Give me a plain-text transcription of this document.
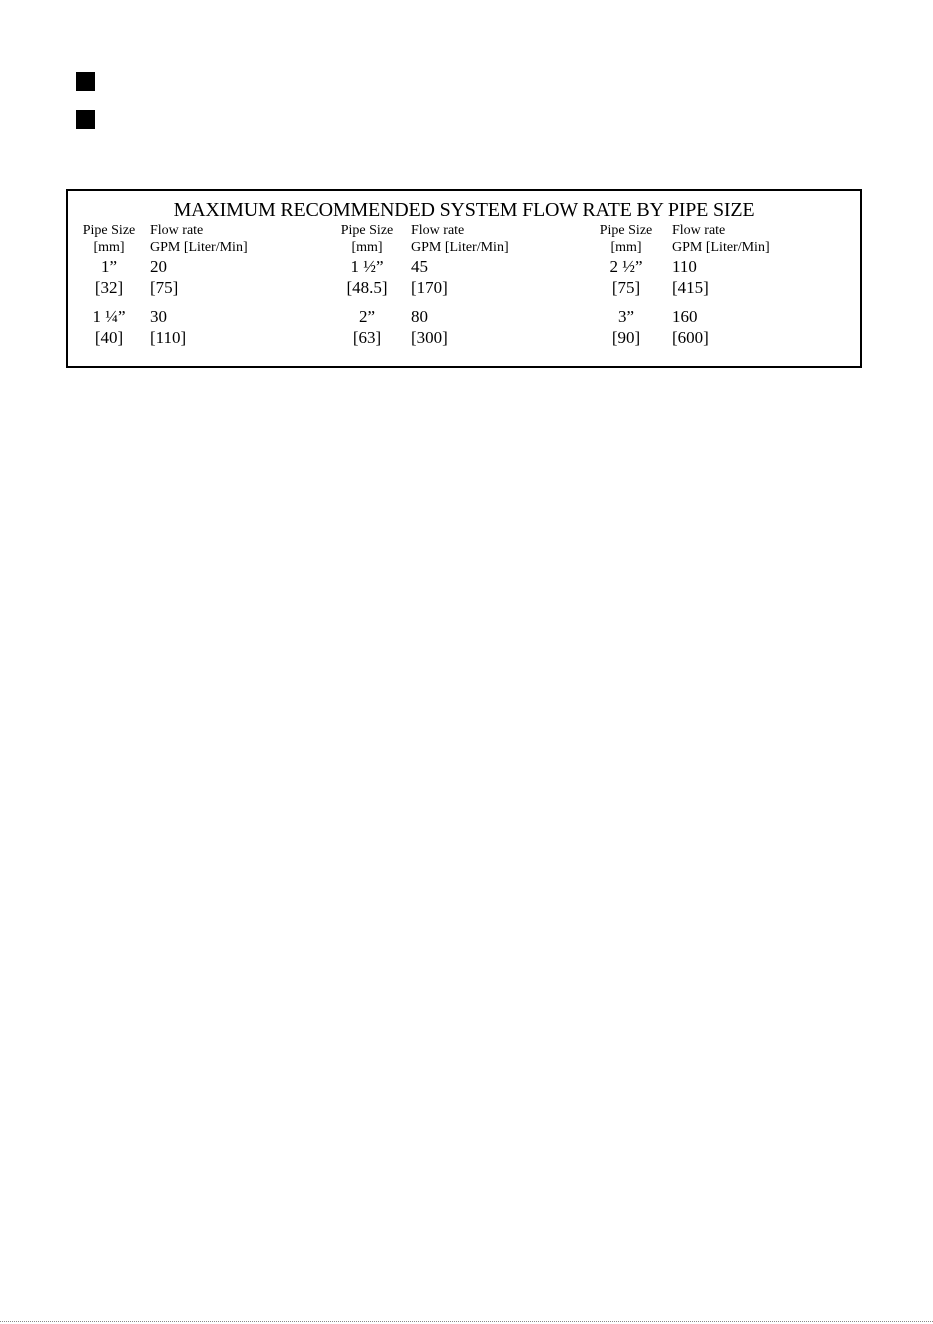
MAXIMUM RECOMMENDED SYSTEM FLOW RATE BY PIPE SIZE
Pipe Size
[mm]
Flow rate
GPM [Liter/Min]
1”
[32]
20
[75]
1 ¼”
[40]
30
[110]
Pipe Size
[mm]
Flow rate
GPM [Liter/Min]
1 ½”
[48.5]
45
[170]
2”
[63]
80
[300]
Pipe Size
[mm]
Flow rate
GPM [Liter/Min]
2 ½”
[75]
110
[415]
3”
[90]
160
[600]
